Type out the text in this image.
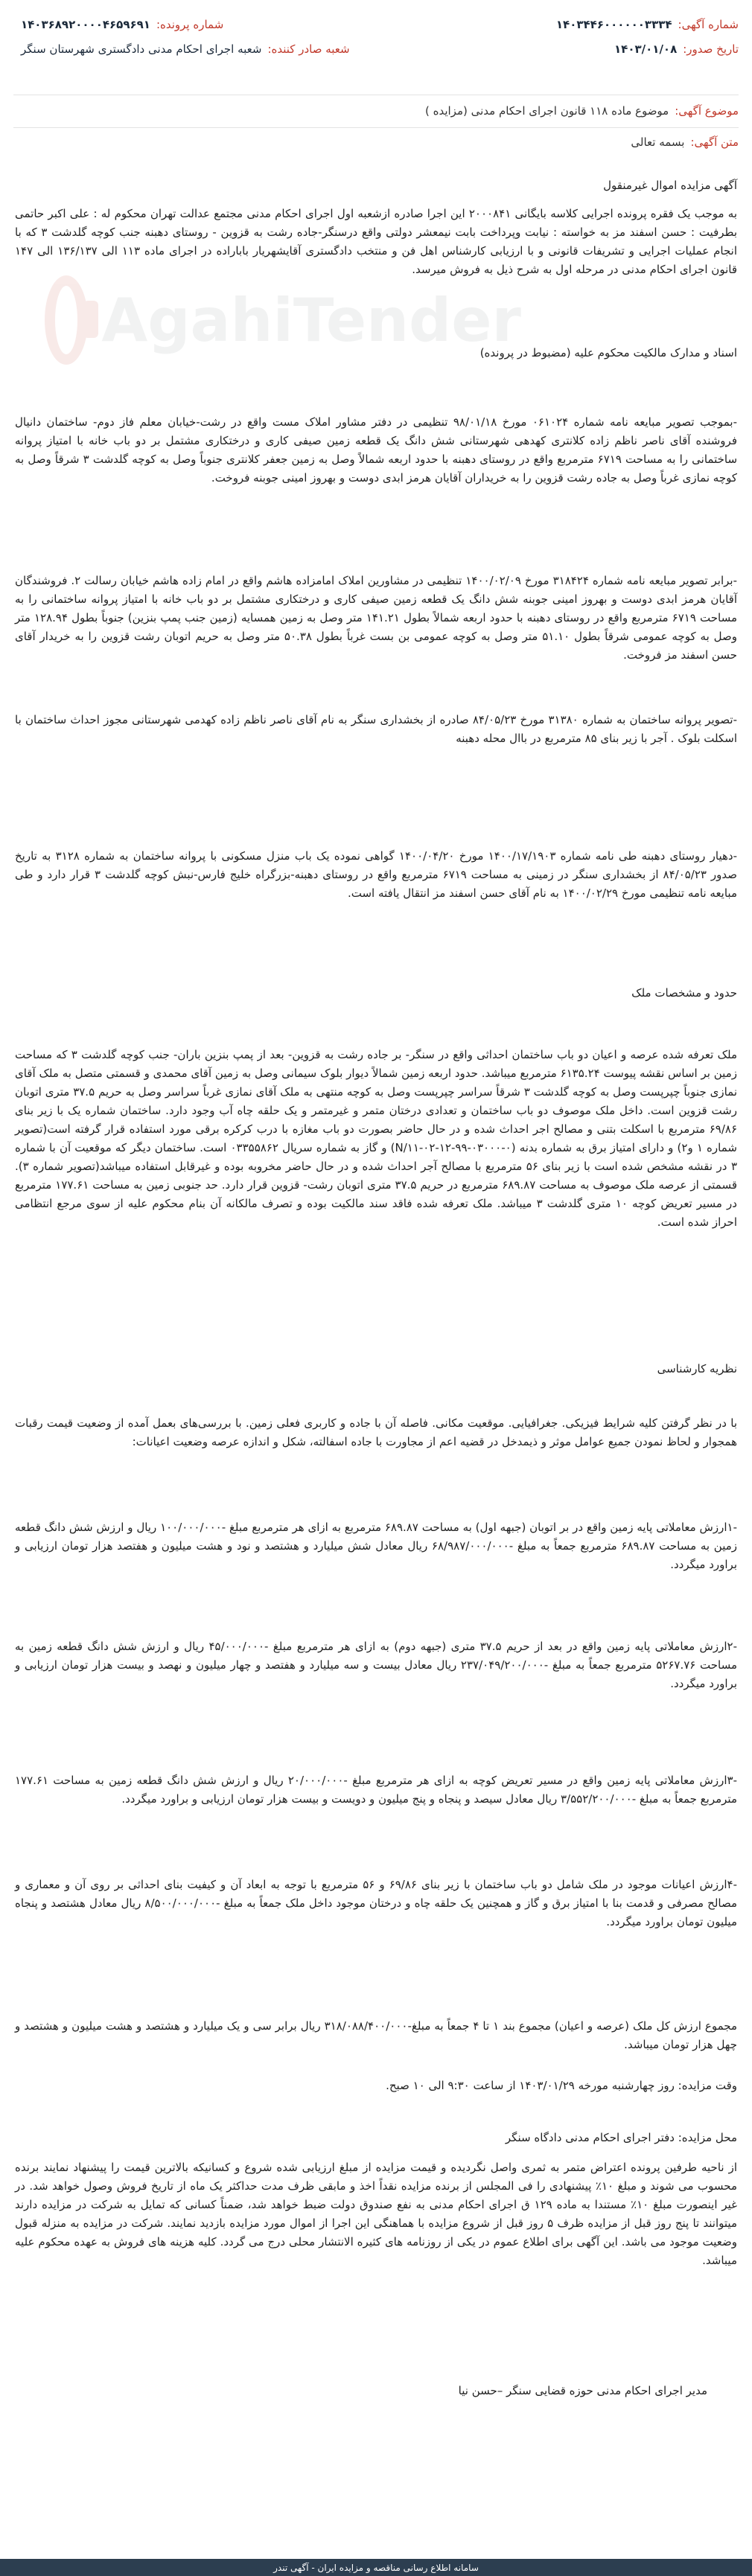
AgahiTender
شماره آگهی:
۱۴۰۳۴۴۶۰۰۰۰۰۰۳۳۳۴
شماره پرونده:
۱۴۰۳۶۸۹۲۰۰۰۰۴۶۵۹۶۹۱
تاریخ صدور:
۱۴۰۳/۰۱/۰۸
شعبه صادر کننده:
شعبه اجرای احکام مدنی دادگستری شهرستان سنگر
موضوع آگهی:
موضوع ماده ۱۱۸ قانون اجرای احکام مدنی (مزایده )
متن آگهی:
بسمه تعالی
آگهی مزایده اموال غیرمنقول
به موجب یک فقره پرونده اجرایی کلاسه بایگانی ۲۰۰۰۸۴۱ این اجرا صادره ازشعبه اول اجرای احکام مدنی مجتمع عدالت تهران محکوم له : علی اکبر حاتمی بطرفیت : حسن اسفند مز به خواسته : نیابت وپرداخت بابت نیمعشر دولتی واقع درسنگر-جاده رشت به قزوین - روستای دهبنه جنب کوچه گلدشت ۳ که با انجام عملیات اجرایی و تشریفات قانونی و با ارزیابی کارشناس اهل فن و منتخب دادگستری آقایشهریار باباراده در اجرای ماده ۱۱۳ الی ۱۳۶/۱۳۷ الی ۱۴۷ قانون اجرای احکام مدنی در مرحله اول به شرح ذیل به فروش میرسد.
اسناد و مدارک مالکیت محکوم علیه (مضبوط در پرونده)
-بموجب تصویر مبایعه نامه شماره ۰۶۱۰۲۴ مورخ ۹۸/۰۱/۱۸ تنظیمی در دفتر مشاور املاک مست واقع در رشت-خیابان معلم فاز دوم- ساختمان دانیال فروشنده آقای ناصر ناظم زاده کلانتری کهدهی شهرستانی شش دانگ یک قطعه زمین صیفی کاری و درختکاری مشتمل بر دو باب خانه با امتیاز پروانه ساختمانی را به مساحت ۶۷۱۹ مترمربع واقع در روستای دهبنه با حدود اربعه شمالاً وصل به زمین جعفر کلانتری جنوباً وصل به کوچه گلدشت ۳ شرقاً وصل به کوچه نمازی غرباً وصل به جاده رشت قزوین را به خریداران آقایان هرمز ابدی دوست و بهروز امینی جوبنه فروخت.
-برابر تصویر مبایعه نامه شماره ۳۱۸۴۲۴ مورخ ۱۴۰۰/۰۲/۰۹ تنظیمی در مشاورین املاک امامزاده هاشم واقع در امام زاده هاشم خیابان رسالت ۲. فروشندگان آقایان هرمز ابدی دوست و بهروز امینی جوبنه شش دانگ یک قطعه زمین صیفی کاری و درختکاری مشتمل بر دو باب خانه با امتیاز پروانه ساختمانی را به مساحت ۶۷۱۹ مترمربع واقع در روستای دهبنه با حدود اربعه شمالاً بطول ۱۴۱.۲۱ متر وصل به زمین همسایه (زمین جنب پمپ بنزین) جنوباً بطول ۱۲۸.۹۴ متر وصل به کوچه عمومی شرقاً بطول ۵۱.۱۰ متر وصل به کوچه عمومی بن بست غرباً بطول ۵۰.۳۸ متر وصل به حریم اتوبان رشت قزوین را به خریدار آقای حسن اسفند مز فروخت.
-تصویر پروانه ساختمان به شماره ۳۱۳۸۰ مورخ ۸۴/۰۵/۲۳ صادره از بخشداری سنگر به نام آقای ناصر ناظم زاده کهدمی شهرستانی مجوز احداث ساختمان با اسکلت بلوک . آجر با زیر بنای ۸۵ مترمربع در باال محله دهبنه
-دهیار روستای دهبنه طی نامه شماره ۱۴۰۰/۱۷/۱۹۰۳ مورخ ۱۴۰۰/۰۴/۲۰ گواهی نموده یک باب منزل مسکونی با پروانه ساختمان به شماره ۳۱۲۸ به تاریخ صدور ۸۴/۰۵/۲۳ از بخشداری سنگر در زمینی به مساحت ۶۷۱۹ مترمربع واقع در روستای دهبنه-بزرگراه خلیج فارس-نبش کوچه گلدشت ۳ قرار دارد و طی مبایعه نامه تنظیمی مورخ ۱۴۰۰/۰۲/۲۹ به نام آقای حسن اسفند مز انتقال یافته است.
حدود و مشخصات ملک
ملک تعرفه شده عرصه و اعیان دو باب ساختمان احداثی واقع در سنگر- بر جاده رشت به قزوین- بعد از پمپ بنزین باران- جنب کوچه گلدشت ۳ که مساحت زمین بر اساس نقشه پیوست ۶۱۳۵.۲۴ مترمربع میباشد. حدود اربعه زمین شمالاً دیوار بلوک سیمانی وصل به زمین آقای محمدی و قسمتی متصل به ملک آقای نمازی جنوباً چپرپست وصل به کوچه گلدشت ۳ شرقاً سراسر چپرپست وصل به کوچه منتهی به ملک آقای نمازی غرباً سراسر وصل به حریم ۳۷.۵ متری اتوبان رشت قزوین است. داخل ملک موصوف دو باب ساختمان و تعدادی درختان متمر و غیرمتمر و یک حلقه چاه آب وجود دارد. ساختمان شماره یک با زیر بنای ۶۹/۸۶ مترمربع با اسکلت بتنی و مصالح اجر احداث شده و در حال حاضر بصورت دو باب مغازه با درب کرکره برقی مورد استفاده قرار گرفته است(تصویر شماره ۱ و۲) و دارای امتیاز برق به شماره بدنه (۰-۰۳۰۰۰-۹۹-۱۲-۰۲-N/۱۱) و گاز به شماره سریال ۰۳۳۵۵۸۶۲ است. ساختمان دیگر که موقعیت آن با شماره ۳ در نقشه مشخص شده است با زیر بنای ۵۶ مترمربع با مصالح آجر احداث شده و در حال حاضر مخروبه بوده و غیرقابل استفاده میباشد(تصویر شماره ۳). قسمتی از عرصه ملک موصوف به مساحت ۶۸۹.۸۷ مترمربع در حریم ۳۷.۵ متری اتوبان رشت- قزوین قرار دارد. حد جنوبی زمین به مساحت ۱۷۷.۶۱ مترمربع در مسیر تعریض کوچه ۱۰ متری گلدشت ۳ میباشد. ملک تعرفه شده فاقد سند مالکیت بوده و تصرف مالکانه آن بنام محکوم علیه از سوی مرجع انتظامی احراز شده است.
نظریه کارشناسی
با در نظر گرفتن کلیه شرایط فیزیکی. جغرافیایی. موقعیت مکانی. فاصله آن با جاده و کاربری فعلی زمین. با بررسی‌های بعمل آمده از وضعیت قیمت رقبات همجوار و لحاظ نمودن جمیع عوامل موثر و ذیمدخل در قضیه اعم از مجاورت با جاده اسفالته، شکل و اندازه عرصه وضعیت اعیانات:
-۱ارزش معاملاتی پایه زمین واقع در بر اتوبان (جبهه اول) به مساحت ۶۸۹.۸۷ مترمربع به ازای هر مترمربع مبلغ -۱۰۰/۰۰۰/۰۰۰ ریال و ارزش شش دانگ قطعه زمین به مساحت ۶۸۹.۸۷ مترمربع جمعاً به مبلغ -۶۸/۹۸۷/۰۰۰/۰۰۰ ریال معادل شش میلیارد و هشتصد و نود و هشت میلیون و هفتصد هزار تومان ارزیابی و براورد میگردد.
-۲ارزش معاملاتی پایه زمین واقع در بعد از حریم ۳۷.۵ متری (جبهه دوم) به ازای هر مترمربع مبلغ -۴۵/۰۰۰/۰۰۰ ریال و ارزش شش دانگ قطعه زمین به مساحت ۵۲۶۷.۷۶ مترمربع جمعاً به مبلغ -۲۳۷/۰۴۹/۲۰۰/۰۰۰ ریال معادل بیست و سه میلیارد و هفتصد و چهار میلیون و نهصد و بیست هزار تومان ارزیابی و براورد میگردد.
-۳ارزش معاملاتی پایه زمین واقع در مسیر تعریض کوچه به ازای هر مترمربع مبلغ -۲۰/۰۰۰/۰۰۰ ریال و ارزش شش دانگ قطعه زمین به مساحت ۱۷۷.۶۱ مترمربع جمعاً به مبلغ -۳/۵۵۲/۲۰۰/۰۰۰ ریال معادل سیصد و پنجاه و پنج میلیون و دویست و بیست هزار تومان ارزیابی و براورد میگردد.
-۴ارزش اعیانات موجود در ملک شامل دو باب ساختمان با زیر بنای ۶۹/۸۶ و ۵۶ مترمربع با توجه به ابعاد آن و کیفیت بنای احداثی بر روی آن و معماری و مصالح مصرفی و قدمت بنا با امتیاز برق و گاز و همچنین یک حلقه چاه و درختان موجود داخل ملک جمعاً به مبلغ -۸/۵۰۰/۰۰۰/۰۰۰ ریال معادل هشتصد و پنجاه میلیون تومان براورد میگردد.
مجموع ارزش کل ملک (عرصه و اعیان) مجموع بند ۱ تا ۴ جمعاً به مبلغ-۳۱۸/۰۸۸/۴۰۰/۰۰۰ ریال برابر سی و یک میلیارد و هشتصد و هشت میلیون و هشتصد و چهل هزار تومان میباشد.
وقت مزایده: روز چهارشنبه مورخه ۱۴۰۳/۰۱/۲۹ از ساعت ۹:۳۰ الی ۱۰ صبح.
محل مزایده: دفتر اجرای احکام مدنی دادگاه سنگر
از ناحیه طرفین پرونده اعتراض متمر به ثمری واصل نگردیده و قیمت مزایده از مبلغ ارزیابی شده شروع و کسانیکه بالاترین قیمت را پیشنهاد نمایند برنده محسوب می شوند و مبلغ ۱۰٪ پیشنهادی را فی المجلس از برنده مزایده نقداً اخذ و مابقی ظرف مدت حداکثر یک ماه از تاریخ فروش وصول خواهد شد. در غیر اینصورت مبلغ ۱۰٪ مستندا به ماده ۱۲۹ ق اجرای احکام مدنی به نفع صندوق دولت ضبط خواهد شد، ضمناً کسانی که تمایل به شرکت در مزایده دارند میتوانند تا پنج روز قبل از مزایده ظرف ۵ روز قبل از شروع مزایده با هماهنگی این اجرا از اموال مورد مزایده بازدید نمایند. شرکت در مزایده به منزله قبول وضعیت موجود می باشد. این آگهی برای اطلاع عموم در یکی از روزنامه های کثیره الانتشار محلی درج می گردد. کلیه هزینه های فروش به عهده محکوم علیه میباشد.
مدیر اجرای احکام مدنی حوزه قضایی سنگر –حسن نیا
سامانه اطلاع رسانی مناقصه و مزایده ایران - آگهی تندر
